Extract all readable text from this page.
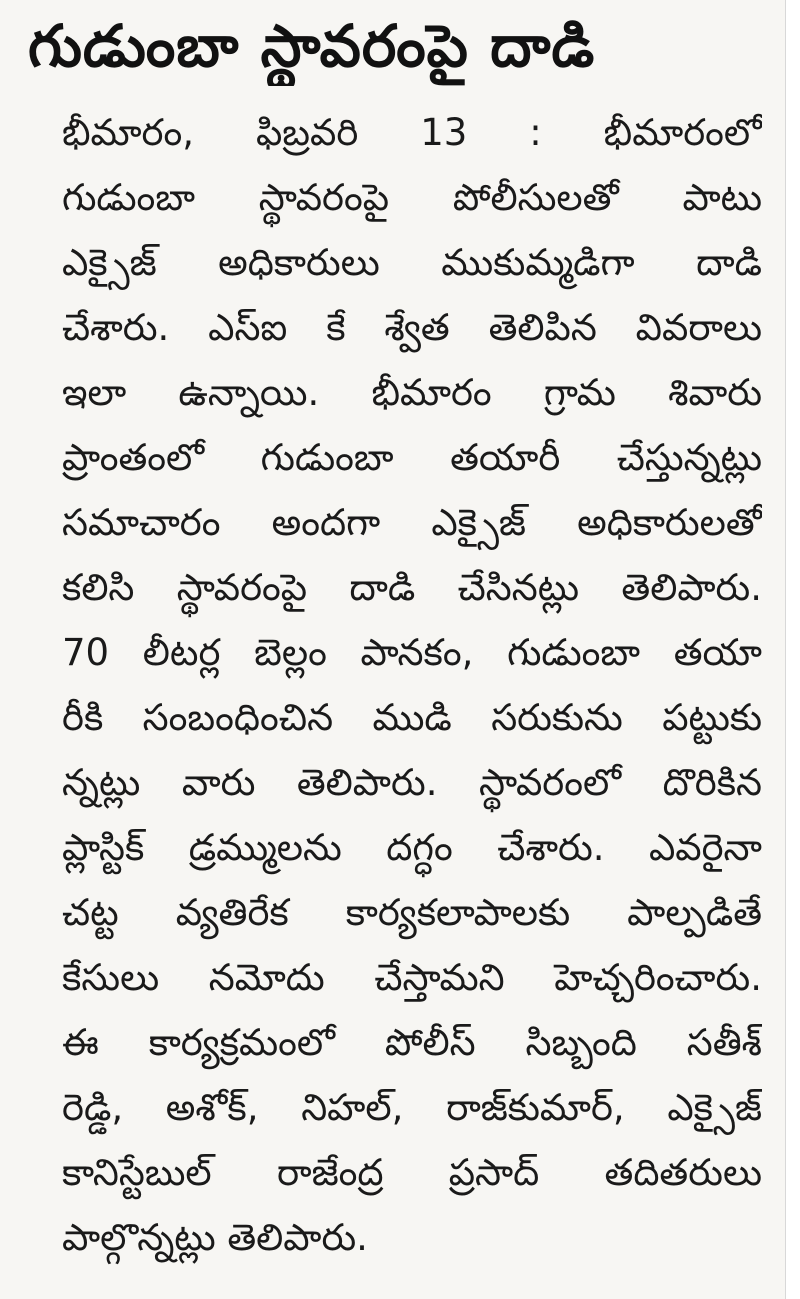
గుడుంబా స్థావరంపై దాడి
భీమారం, ఫిబ్రవరి 13 : భీమారంలో
గుడుంబా స్థావరంపై పోలీసులతో పాటు
ఎక్సైజ్ అధికారులు ముకుమ్మడిగా దాడి
చేశారు. ఎస్ఐ కే శ్వేత తెలిపిన వివరాలు
ఇలా ఉన్నాయి. భీమారం గ్రామ శివారు
ప్రాంతంలో గుడుంబా తయారీ చేస్తున్నట్లు
సమాచారం అందగా ఎక్సైజ్ అధికారులతో
కలిసి స్థావరంపై దాడి చేసినట్లు తెలిపారు.
70 లీటర్ల బెల్లం పానకం, గుడుంబా తయా
రీకి సంబంధించిన ముడి సరుకును పట్టుకు
న్నట్లు వారు తెలిపారు. స్థావరంలో దొరికిన
ప్లాస్టిక్ డ్రమ్ములను దగ్ధం చేశారు. ఎవరైనా
చట్ట వ్యతిరేక కార్యకలాపాలకు పాల్పడితే
కేసులు నమోదు చేస్తామని హెచ్చరించారు.
ఈ కార్యక్రమంలో పోలీస్ సిబ్బంది సతీశ్
రెడ్డి, అశోక్, నిహల్, రాజ్‌కుమార్, ఎక్సైజ్
కానిస్టేబుల్ రాజేంద్ర ప్రసాద్ తదితరులు
పాల్గొన్నట్లు తెలిపారు.
